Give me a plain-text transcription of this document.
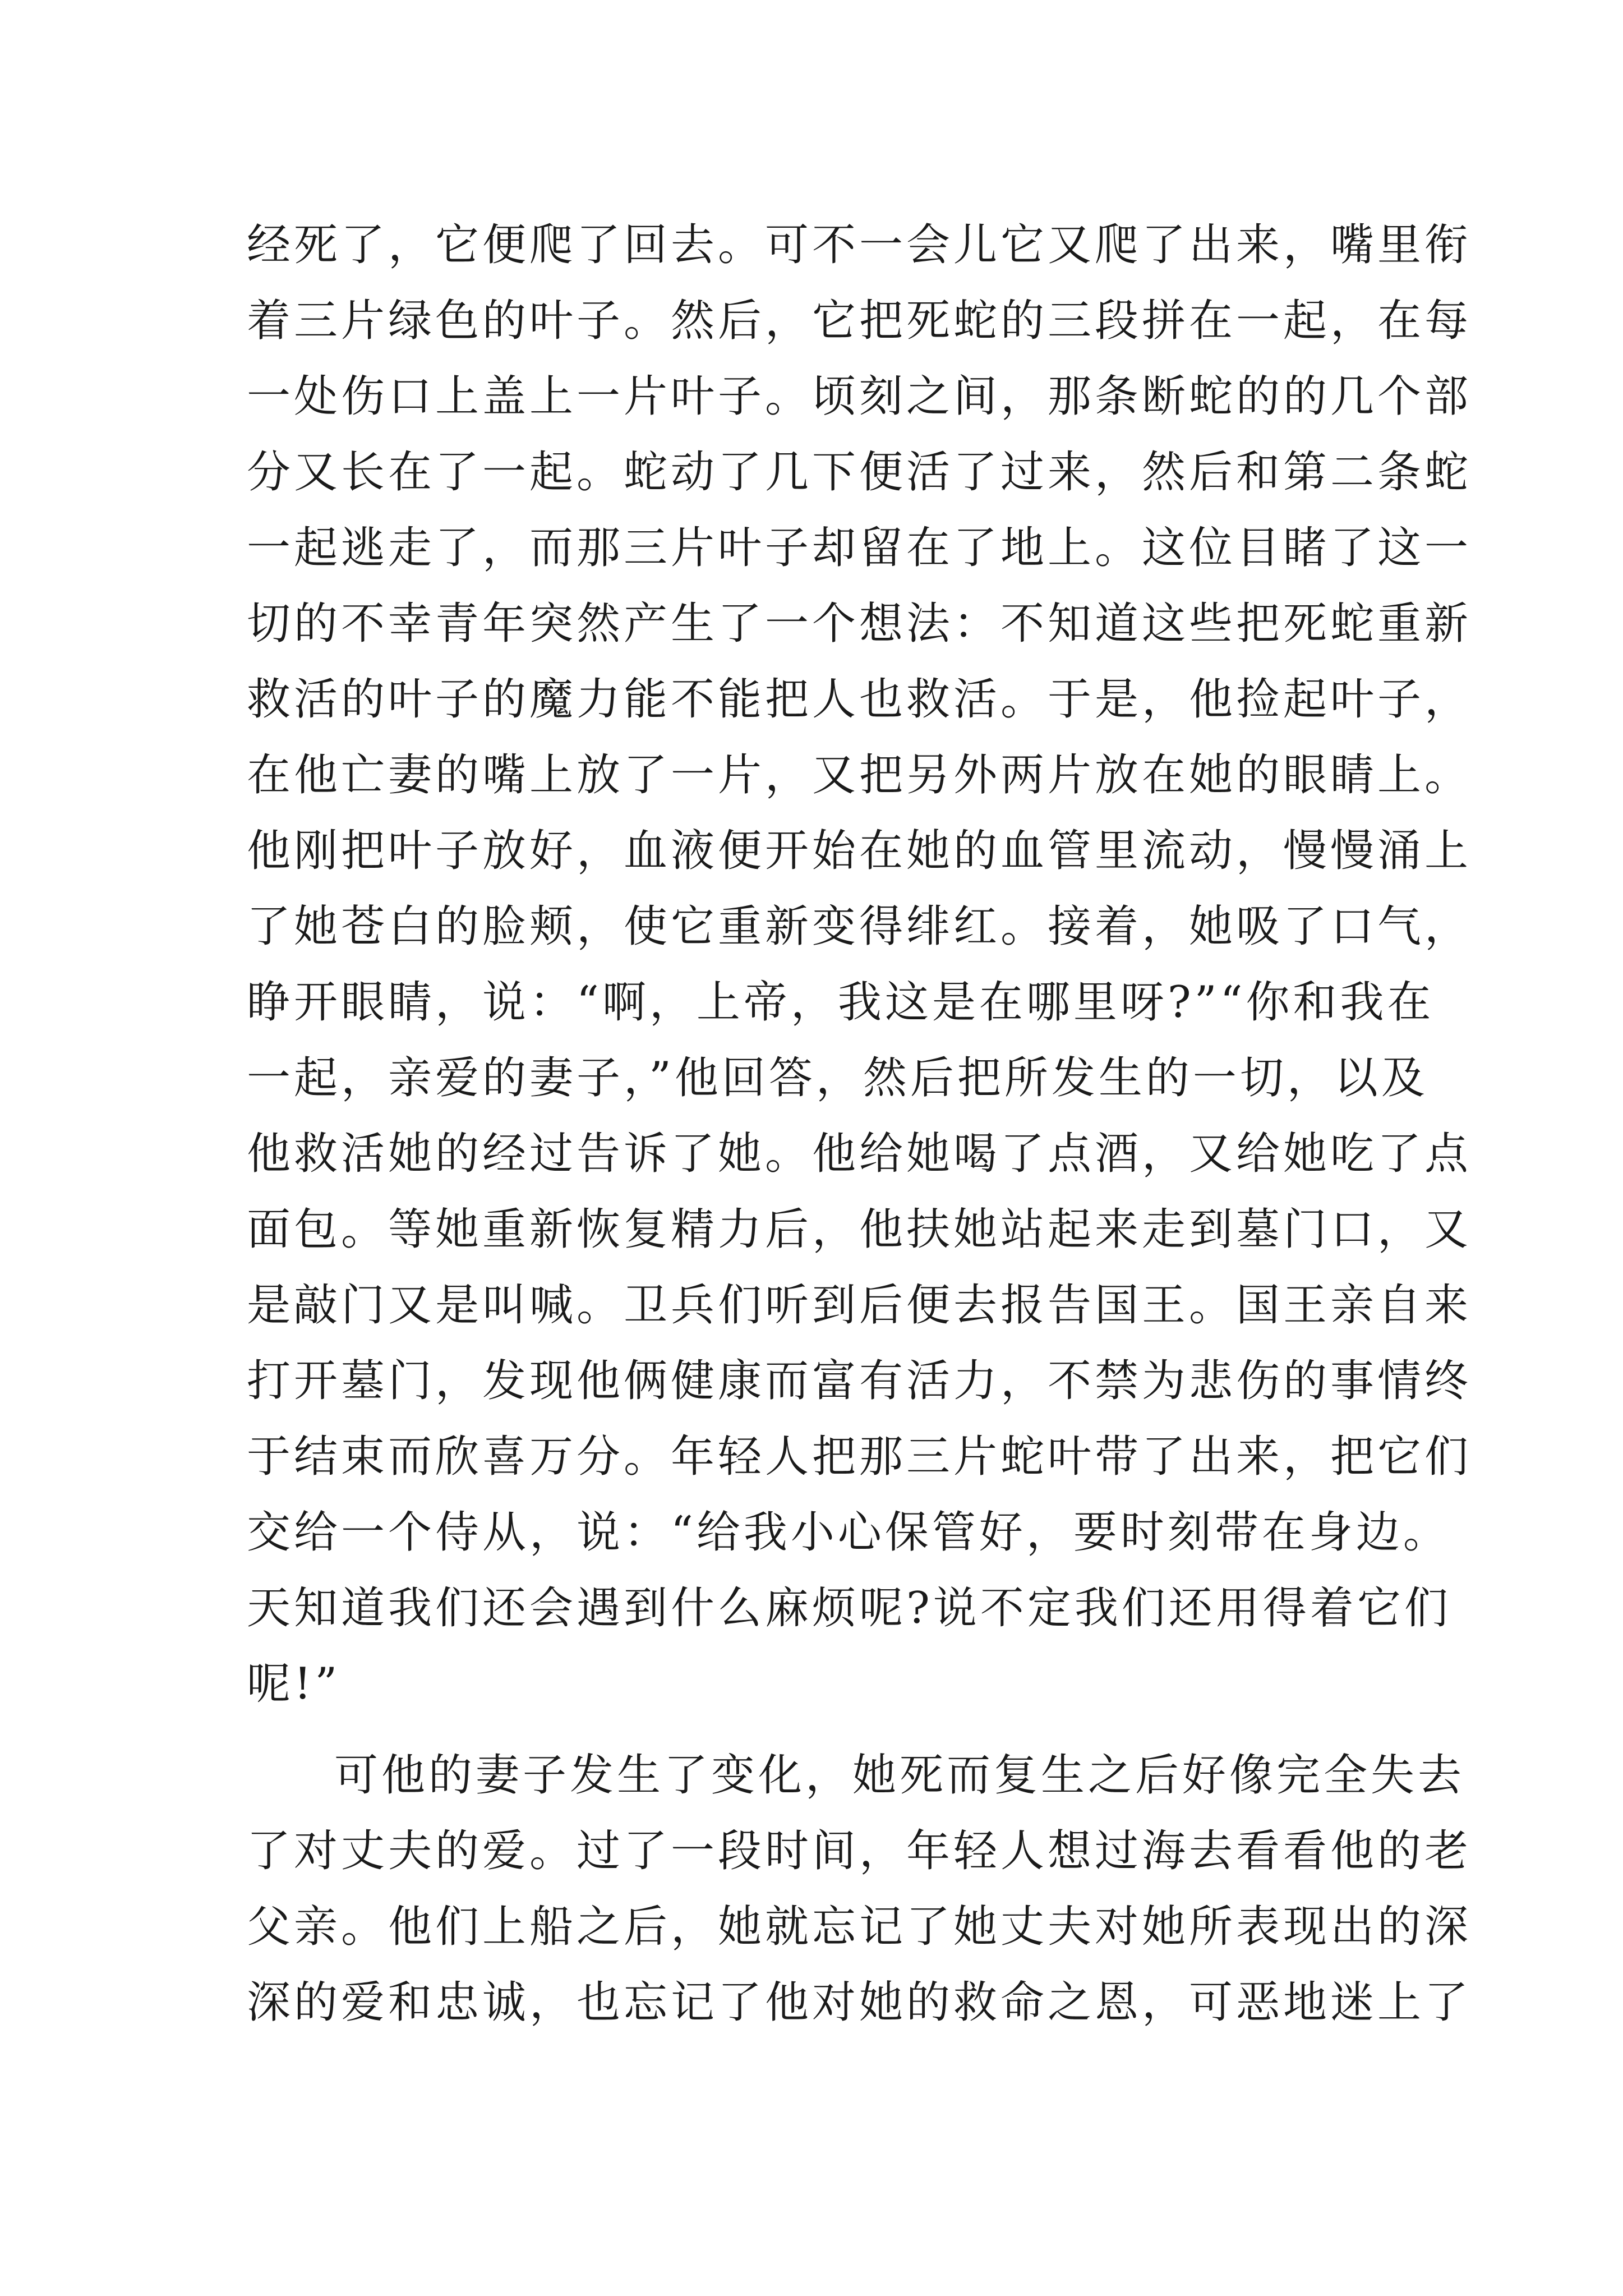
经死了，它便爬了回去。可不一会儿它又爬了出来，嘴里衔
着三片绿色的叶子。然后，它把死蛇的三段拼在一起，在每
一处伤口上盖上一片叶子。顷刻之间，那条断蛇的的几个部
分又长在了一起。蛇动了几下便活了过来，然后和第二条蛇
一起逃走了，而那三片叶子却留在了地上。这位目睹了这一
切的不幸青年突然产生了一个想法：不知道这些把死蛇重新
救活的叶子的魔力能不能把人也救活。于是，他捡起叶子，
在他亡妻的嘴上放了一片，又把另外两片放在她的眼睛上。
他刚把叶子放好，血液便开始在她的血管里流动，慢慢涌上
了她苍白的脸颊，使它重新变得绯红。接着，她吸了口气，
睁开眼睛，说：“啊，上帝，我这是在哪里呀?”“你和我在
一起，亲爱的妻子，”他回答，然后把所发生的一切，以及
他救活她的经过告诉了她。他给她喝了点酒，又给她吃了点
面包。等她重新恢复精力后，他扶她站起来走到墓门口，又
是敲门又是叫喊。卫兵们听到后便去报告国王。国王亲自来
打开墓门，发现他俩健康而富有活力，不禁为悲伤的事情终
于结束而欣喜万分。年轻人把那三片蛇叶带了出来，把它们
交给一个侍从，说：“给我小心保管好，要时刻带在身边。
天知道我们还会遇到什么麻烦呢?说不定我们还用得着它们
呢!”
可他的妻子发生了变化，她死而复生之后好像完全失去
了对丈夫的爱。过了一段时间，年轻人想过海去看看他的老
父亲。他们上船之后，她就忘记了她丈夫对她所表现出的深
深的爱和忠诚，也忘记了他对她的救命之恩，可恶地迷上了
